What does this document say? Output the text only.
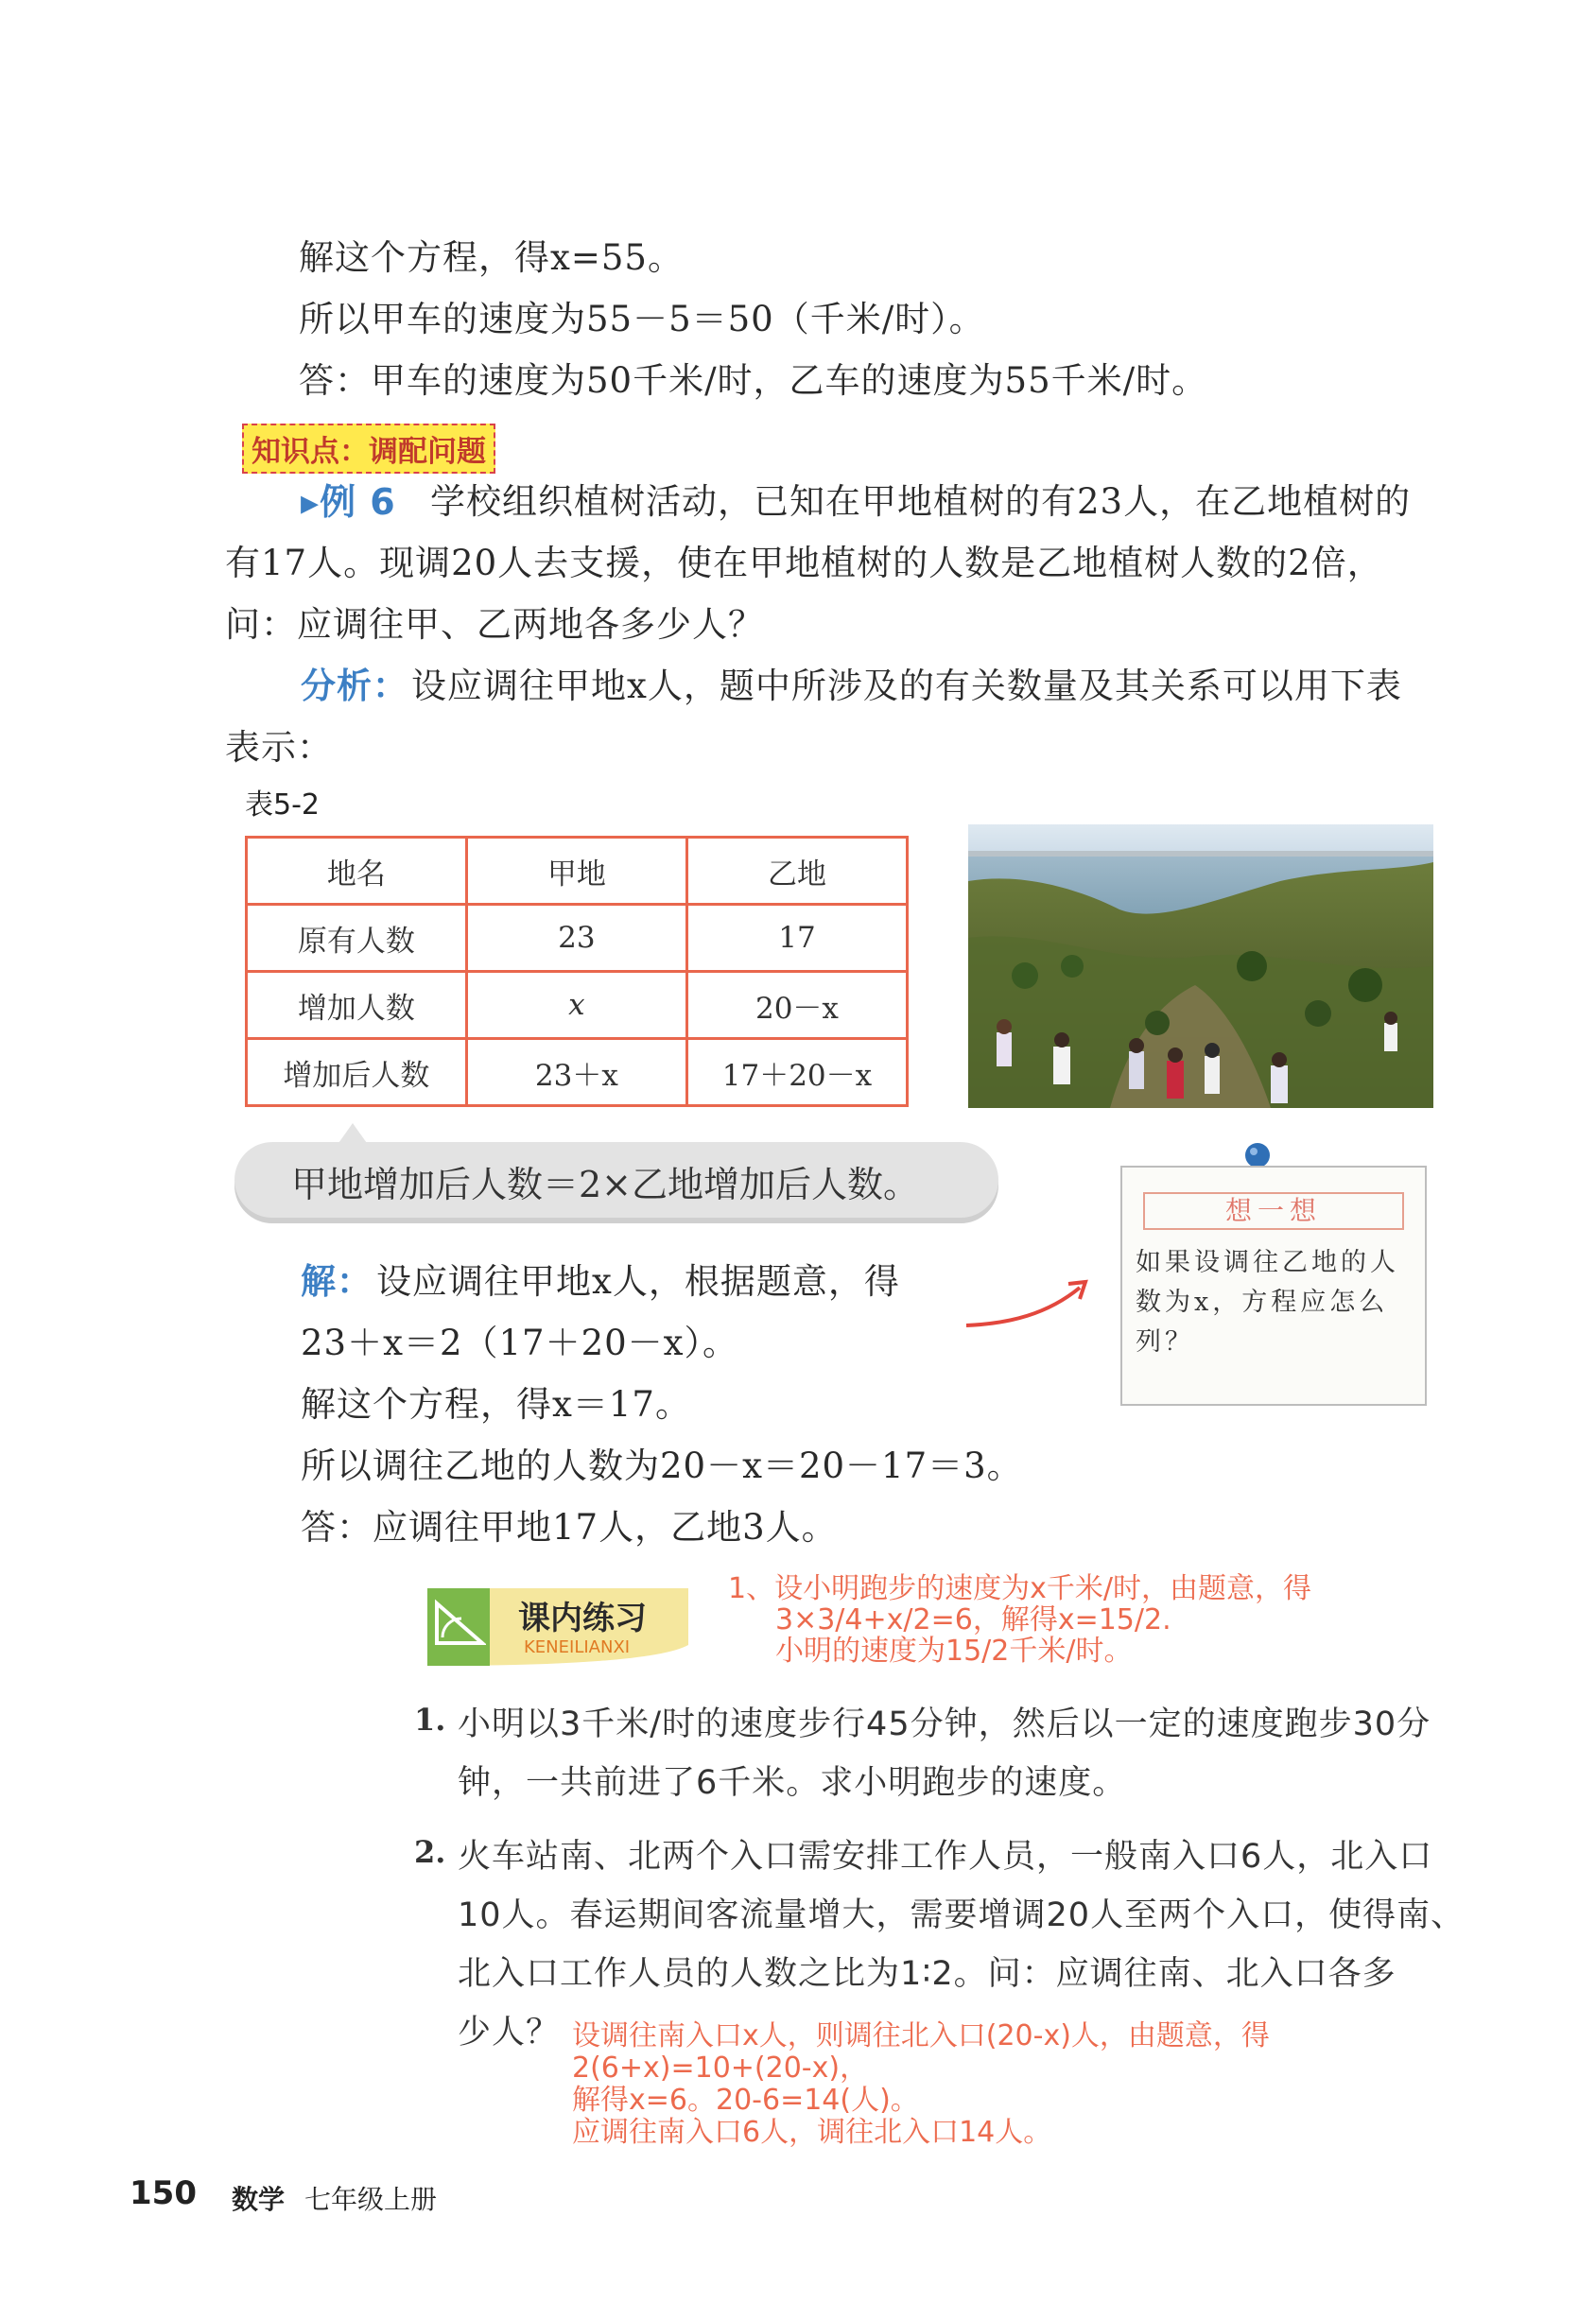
解这个方程，得x=55。
所以甲车的速度为55－5＝50（千米/时）。
答：甲车的速度为50千米/时，乙车的速度为55千米/时。
知识点：调配问题
▸例 6 学校组织植树活动，已知在甲地植树的有23人，在乙地植树的
有17人。现调20人去支援，使在甲地植树的人数是乙地植树人数的2倍，
问：应调往甲、乙两地各多少人？
分析： 设应调往甲地x人，题中所涉及的有关数量及其关系可以用下表
表示：
表5-2
地名	甲地	乙地
原有人数	23	17
增加人数	x	20－x
增加后人数	23＋x	17＋20－x
甲地增加后人数＝2×乙地增加后人数。
想一想
如果设调往乙地的人数为x，方程应怎么列？
解： 设应调往甲地x人，根据题意，得
23＋x＝2（17＋20－x）。
解这个方程，得x＝17。
所以调往乙地的人数为20－x＝20－17＝3。
答：应调往甲地17人，乙地3人。
课内练习
KENEILIANXI
1、设小明跑步的速度为x千米/时，由题意，得
3×3/4+x/2=6，解得x=15/2.
小明的速度为15/2千米/时。
1. 小明以3千米/时的速度步行45分钟，然后以一定的速度跑步30分
钟，一共前进了6千米。求小明跑步的速度。
2. 火车站南、北两个入口需安排工作人员，一般南入口6人，北入口
10人。春运期间客流量增大，需要增调20人至两个入口，使得南、
北入口工作人员的人数之比为1∶2。问：应调往南、北入口各多
少人？ 设调往南入口x人，则调往北入口(20-x)人，由题意，得
2(6+x)=10+(20-x)，
解得x=6。20-6=14(人)。
应调往南入口6人，调往北入口14人。
150 数学 七年级上册
